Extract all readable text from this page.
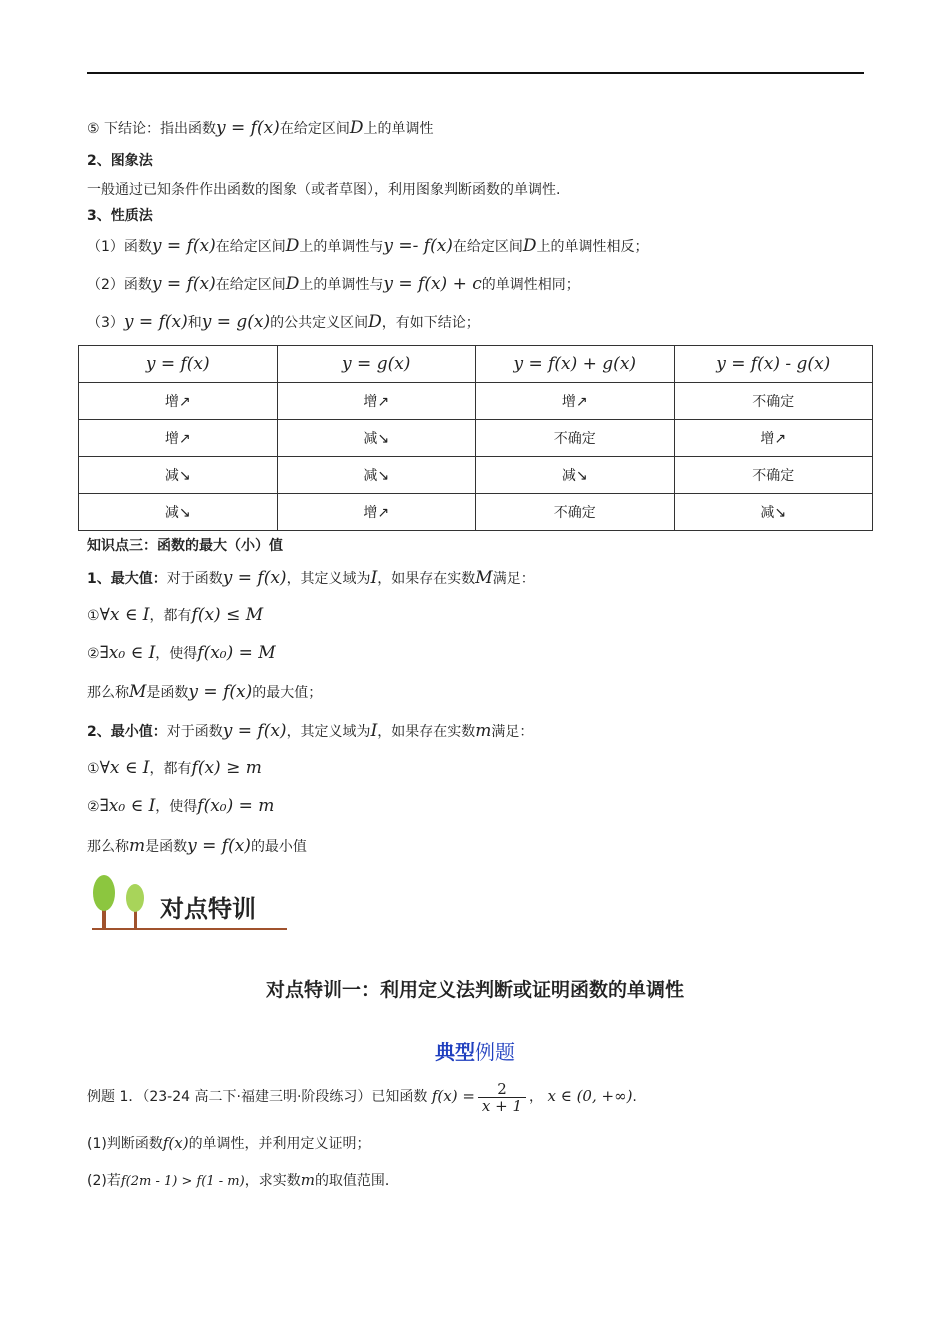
⑤ 下结论：指出函数y = f(x)在给定区间D上的单调性
2、图象法
一般通过已知条件作出函数的图象（或者草图），利用图象判断函数的单调性.
3、性质法
（1）函数y = f(x)在给定区间D上的单调性与y =- f(x)在给定区间D上的单调性相反；
（2）函数y = f(x)在给定区间D上的单调性与y = f(x) + c的单调性相同；
（3）y = f(x)和y = g(x)的公共定义区间D，有如下结论；
y = f(x)	y = g(x)	y = f(x) + g(x)	y = f(x) - g(x)
增↗	增↗	增↗	不确定
增↗	减↘	不确定	增↗
减↘	减↘	减↘	不确定
减↘	增↗	不确定	减↘
知识点三：函数的最大（小）值
1、最大值：对于函数y = f(x)，其定义域为I，如果存在实数M满足：
①∀x ∈ I，都有f(x) ≤ M
②∃x₀ ∈ I，使得f(x₀) = M
那么称M是函数y = f(x)的最大值；
2、最小值：对于函数y = f(x)，其定义域为I，如果存在实数m满足：
①∀x ∈ I，都有f(x) ≥ m
②∃x₀ ∈ I，使得f(x₀) = m
那么称m是函数y = f(x)的最小值
对点特训
对点特训一：利用定义法判断或证明函数的单调性
典型例题
例题 1．（23-24 高二下·福建三明·阶段练习）已知函数 $f(x) = \frac{2}{x + 1}$ ， x ∈ (0, +∞).
(1)判断函数f(x)的单调性，并利用定义证明；
(2)若f(2m - 1) > f(1 - m)，求实数m的取值范围．
